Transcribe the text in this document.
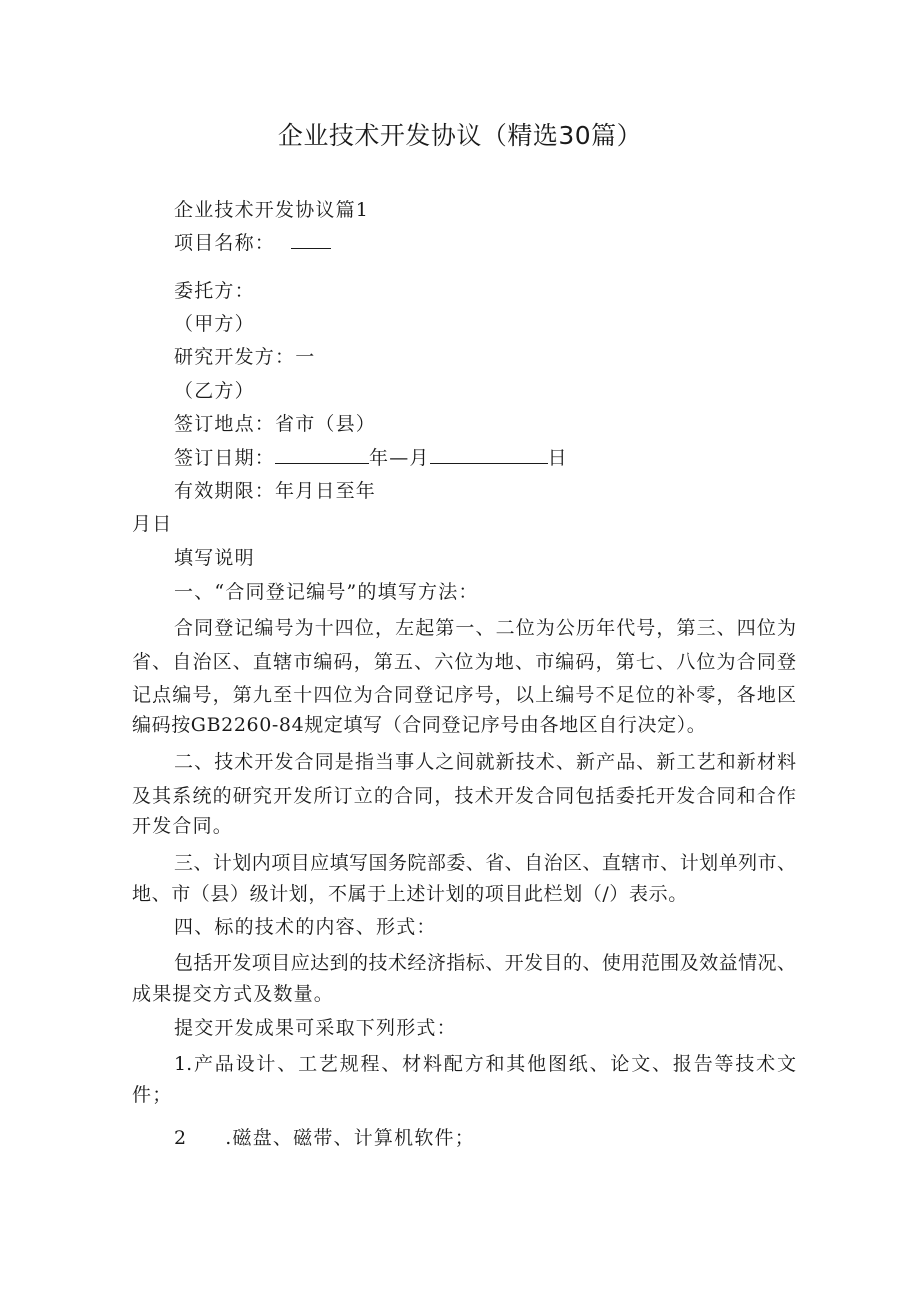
企业技术开发协议（精选30篇）
企业技术开发协议篇1
项目名称：
委托方：
（甲方）
研究开发方：一
（乙方）
签订地点：省市（县）
签订日期：	年—月	日
有效期限：年月日至年
月日
填写说明
一、“合同登记编号”的填写方法：
合同登记编号为十四位，左起第一、二位为公历年代号，第三、四位为
省、自治区、直辖市编码，第五、六位为地、市编码，第七、八位为合同登
记点编号，第九至十四位为合同登记序号，以上编号不足位的补零，各地区
编码按GB2260-84规定填写（合同登记序号由各地区自行决定）。
二、技术开发合同是指当事人之间就新技术、新产品、新工艺和新材料
及其系统的研究开发所订立的合同，技术开发合同包括委托开发合同和合作
开发合同。
三、计划内项目应填写国务院部委、省、自治区、直辖市、计划单列市、
地、市（县）级计划，不属于上述计划的项目此栏划（/）表示。
四、标的技术的内容、形式：
包括开发项目应达到的技术经济指标、开发目的、使用范围及效益情况、
成果提交方式及数量。
提交开发成果可采取下列形式：
1.产品设计、工艺规程、材料配方和其他图纸、论文、报告等技术文
件；
2 .磁盘、磁带、计算机软件；
